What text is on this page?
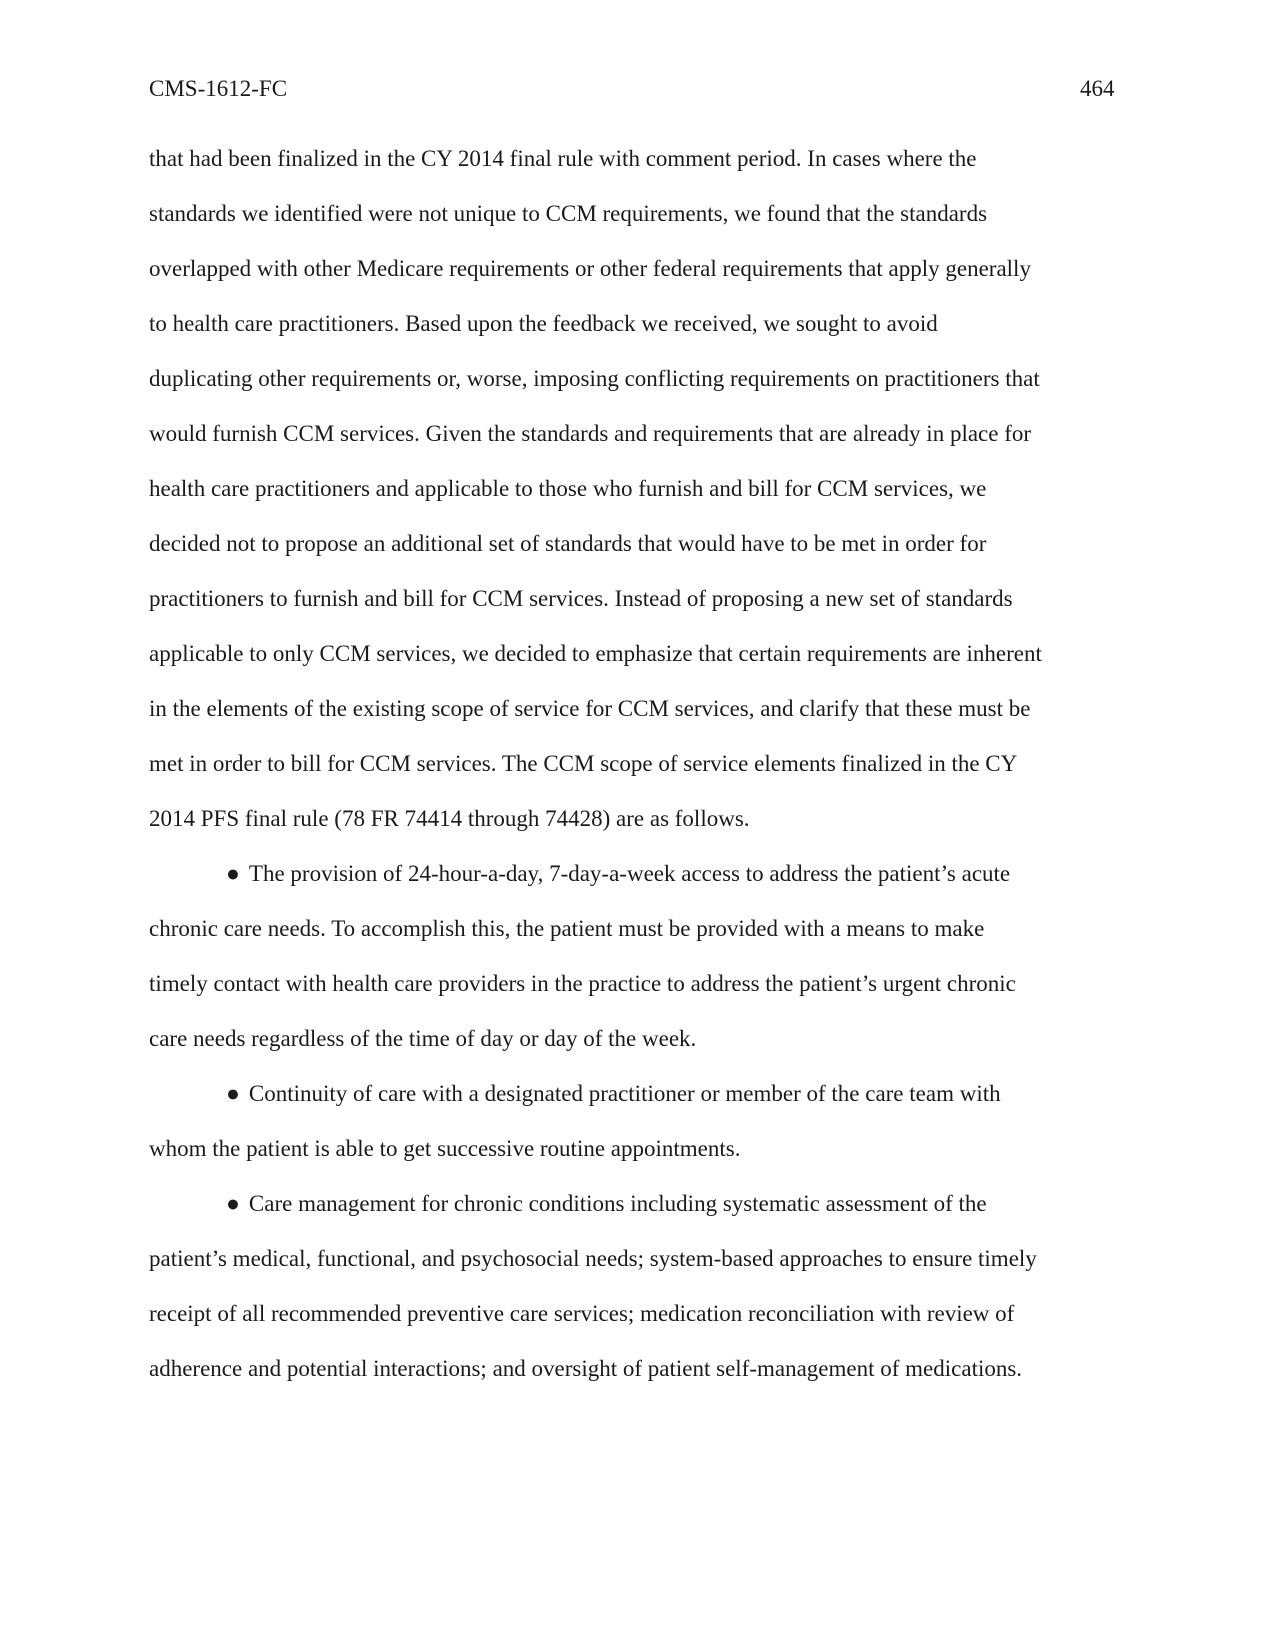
CMS-1612-FC	464
that had been finalized in the CY 2014 final rule with comment period. In cases where the
standards we identified were not unique to CCM requirements, we found that the standards
overlapped with other Medicare requirements or other federal requirements that apply generally
to health care practitioners. Based upon the feedback we received, we sought to avoid
duplicating other requirements or, worse, imposing conflicting requirements on practitioners that
would furnish CCM services. Given the standards and requirements that are already in place for
health care practitioners and applicable to those who furnish and bill for CCM services, we
decided not to propose an additional set of standards that would have to be met in order for
practitioners to furnish and bill for CCM services. Instead of proposing a new set of standards
applicable to only CCM services, we decided to emphasize that certain requirements are inherent
in the elements of the existing scope of service for CCM services, and clarify that these must be
met in order to bill for CCM services. The CCM scope of service elements finalized in the CY
2014 PFS final rule (78 FR 74414 through 74428) are as follows.
● The provision of 24-hour-a-day, 7-day-a-week access to address the patient’s acute
chronic care needs. To accomplish this, the patient must be provided with a means to make
timely contact with health care providers in the practice to address the patient’s urgent chronic
care needs regardless of the time of day or day of the week.
● Continuity of care with a designated practitioner or member of the care team with
whom the patient is able to get successive routine appointments.
● Care management for chronic conditions including systematic assessment of the
patient’s medical, functional, and psychosocial needs; system-based approaches to ensure timely
receipt of all recommended preventive care services; medication reconciliation with review of
adherence and potential interactions; and oversight of patient self-management of medications.
